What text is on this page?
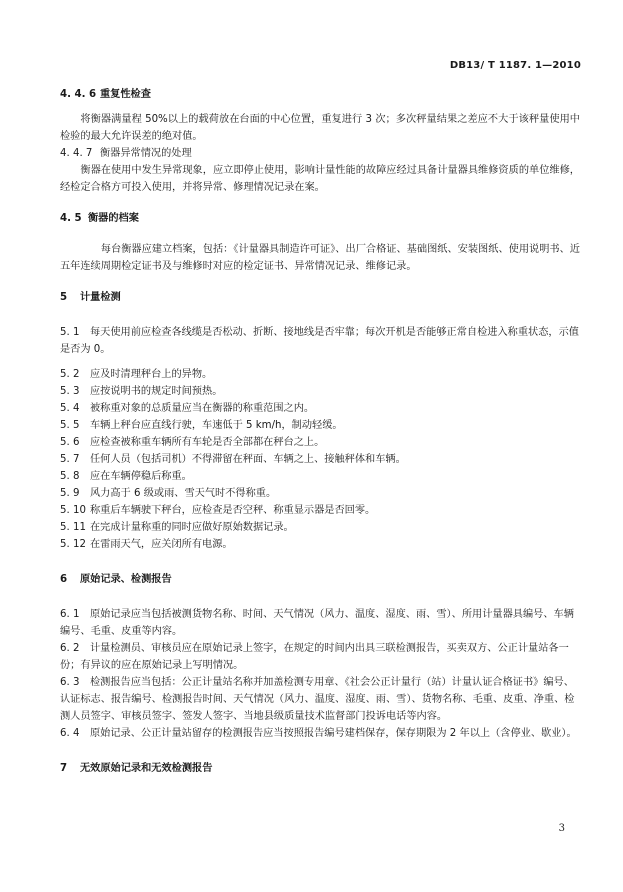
DB13/ T 1187. 1—2010

4. 4. 6 重复性检查

将衡器满量程 50%以上的载荷放在台面的中心位置，重复进行 3 次；多次秤量结果之差应不大于该秤量使用中检验的最大允许误差的绝对值。

4. 4. 7 衡器异常情况的处理

衡器在使用中发生异常现象，应立即停止使用，影响计量性能的故障应经过具备计量器具维修资质的单位维修，经检定合格方可投入使用，并将异常、修理情况记录在案。

4. 5 衡器的档案

每台衡器应建立档案，包括：《计量器具制造许可证》、出厂合格证、基础图纸、安装图纸、使用说明书、近五年连续周期检定证书及与维修时对应的检定证书、异常情况记录、维修记录。

5 计量检测

5. 1 每天使用前应检查各线缆是否松动、折断、接地线是否牢靠；每次开机是否能够正常自检进入称重状态，示值是否为 0。

5. 2 应及时清理秤台上的异物。

5. 3 应按说明书的规定时间预热。

5. 4 被称重对象的总质量应当在衡器的称重范围之内。

5. 5 车辆上秤台应直线行驶，车速低于 5 km/h，制动轻缓。

5. 6 应检查被称重车辆所有车轮是否全部都在秤台之上。

5. 7 任何人员（包括司机）不得滞留在秤面、车辆之上、接触秤体和车辆。

5. 8 应在车辆停稳后称重。

5. 9 风力高于 6 级或雨、雪天气时不得称重。

5. 10 称重后车辆驶下秤台，应检查是否空秤、称重显示器是否回零。

5. 11 在完成计量称重的同时应做好原始数据记录。

5. 12 在雷雨天气，应关闭所有电源。

6 原始记录、检测报告

6. 1 原始记录应当包括被测货物名称、时间、天气情况（风力、温度、湿度、雨、雪）、所用计量器具编号、车辆编号、毛重、皮重等内容。

6. 2 计量检测员、审核员应在原始记录上签字，在规定的时间内出具三联检测报告，买卖双方、公正计量站各一份；有异议的应在原始记录上写明情况。

6. 3 检测报告应当包括：公正计量站名称并加盖检测专用章、《社会公正计量行（站）计量认证合格证书》编号、认证标志、报告编号、检测报告时间、天气情况（风力、温度、湿度、雨、雪）、货物名称、毛重、皮重、净重、检测人员签字、审核员签字、签发人签字、当地县级质量技术监督部门投诉电话等内容。

6. 4 原始记录、公正计量站留存的检测报告应当按照报告编号建档保存，保存期限为 2 年以上（含停业、歇业）。

7 无效原始记录和无效检测报告

3
